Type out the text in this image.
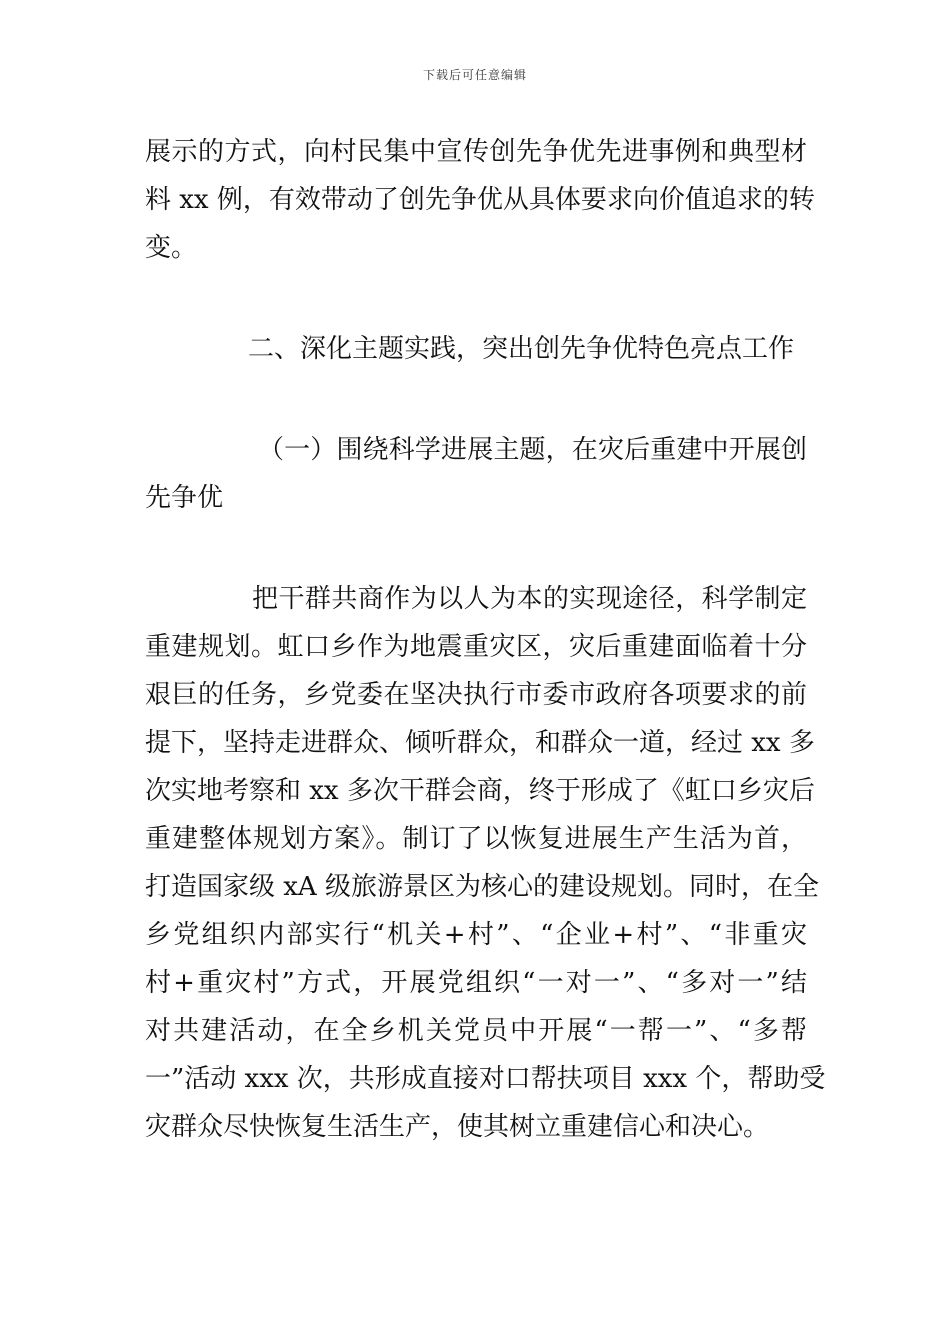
下载后可任意编辑
展示的方式，向村民集中宣传创先争优先进事例和典型材
料 xx 例，有效带动了创先争优从具体要求向价值追求的转
变。
二、深化主题实践，突出创先争优特色亮点工作
（一）围绕科学进展主题，在灾后重建中开展创
先争优
把干群共商作为以人为本的实现途径，科学制定
重建规划。虹口乡作为地震重灾区，灾后重建面临着十分
艰巨的任务，乡党委在坚决执行市委市政府各项要求的前
提下，坚持走进群众、倾听群众，和群众一道，经过 xx 多
次实地考察和 xx 多次干群会商，终于形成了《虹口乡灾后
重建整体规划方案》。制订了以恢复进展生产生活为首，
打造国家级 xA 级旅游景区为核心的建设规划。同时，在全
乡党组织内部实行“机关+村”、“企业+村”、“非重灾
村+重灾村”方式，开展党组织“一对一”、“多对一”结
对共建活动，在全乡机关党员中开展“一帮一”、“多帮
一”活动 xxx 次，共形成直接对口帮扶项目 xxx 个，帮助受
灾群众尽快恢复生活生产，使其树立重建信心和决心。
